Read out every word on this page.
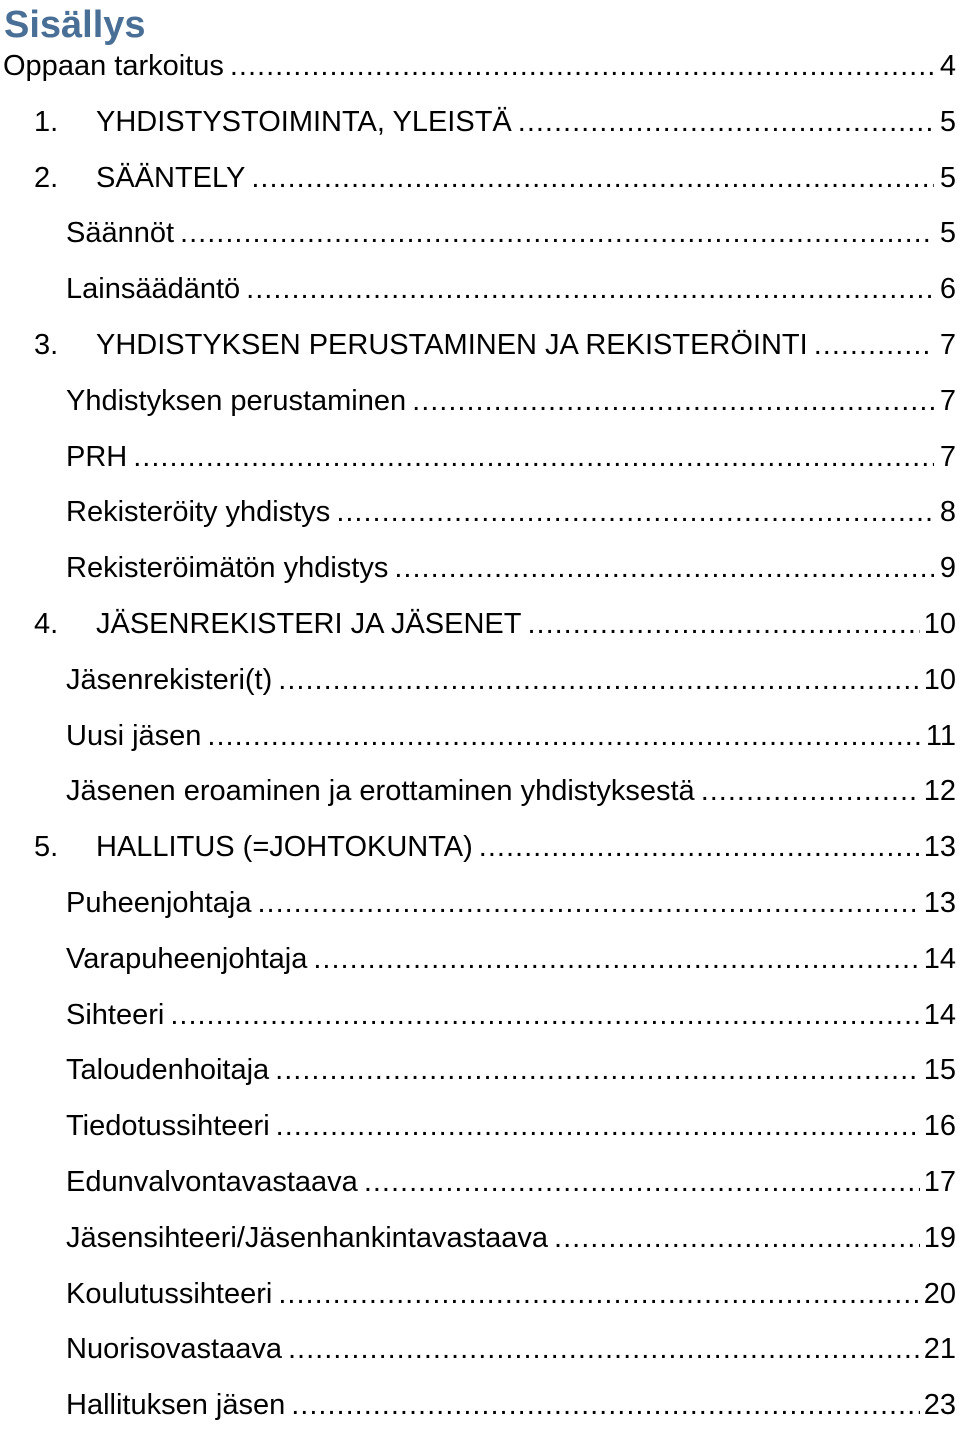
Sisällys
Oppaan tarkoitus .....	4
1.	YHDISTYSTOIMINTA, YLEISTÄ .....	5
2.	SÄÄNTELY .....	5
Säännöt .....	5
Lainsäädäntö .....	6
3.	YHDISTYKSEN PERUSTAMINEN JA REKISTERÖINTI .....	7
Yhdistyksen perustaminen .....	7
PRH .....	7
Rekisteröity yhdistys .....	8
Rekisteröimätön yhdistys .....	9
4.	JÄSENREKISTERI JA JÄSENET .....	10
Jäsenrekisteri(t) .....	10
Uusi jäsen .....	11
Jäsenen eroaminen ja erottaminen yhdistyksestä .....	12
5.	HALLITUS (=JOHTOKUNTA) .....	13
Puheenjohtaja .....	13
Varapuheenjohtaja .....	14
Sihteeri .....	14
Taloudenhoitaja .....	15
Tiedotussihteeri .....	16
Edunvalvontavastaava .....	17
Jäsensihteeri/Jäsenhankintavastaava .....	19
Koulutussihteeri .....	20
Nuorisovastaava .....	21
Hallituksen jäsen .....	23
